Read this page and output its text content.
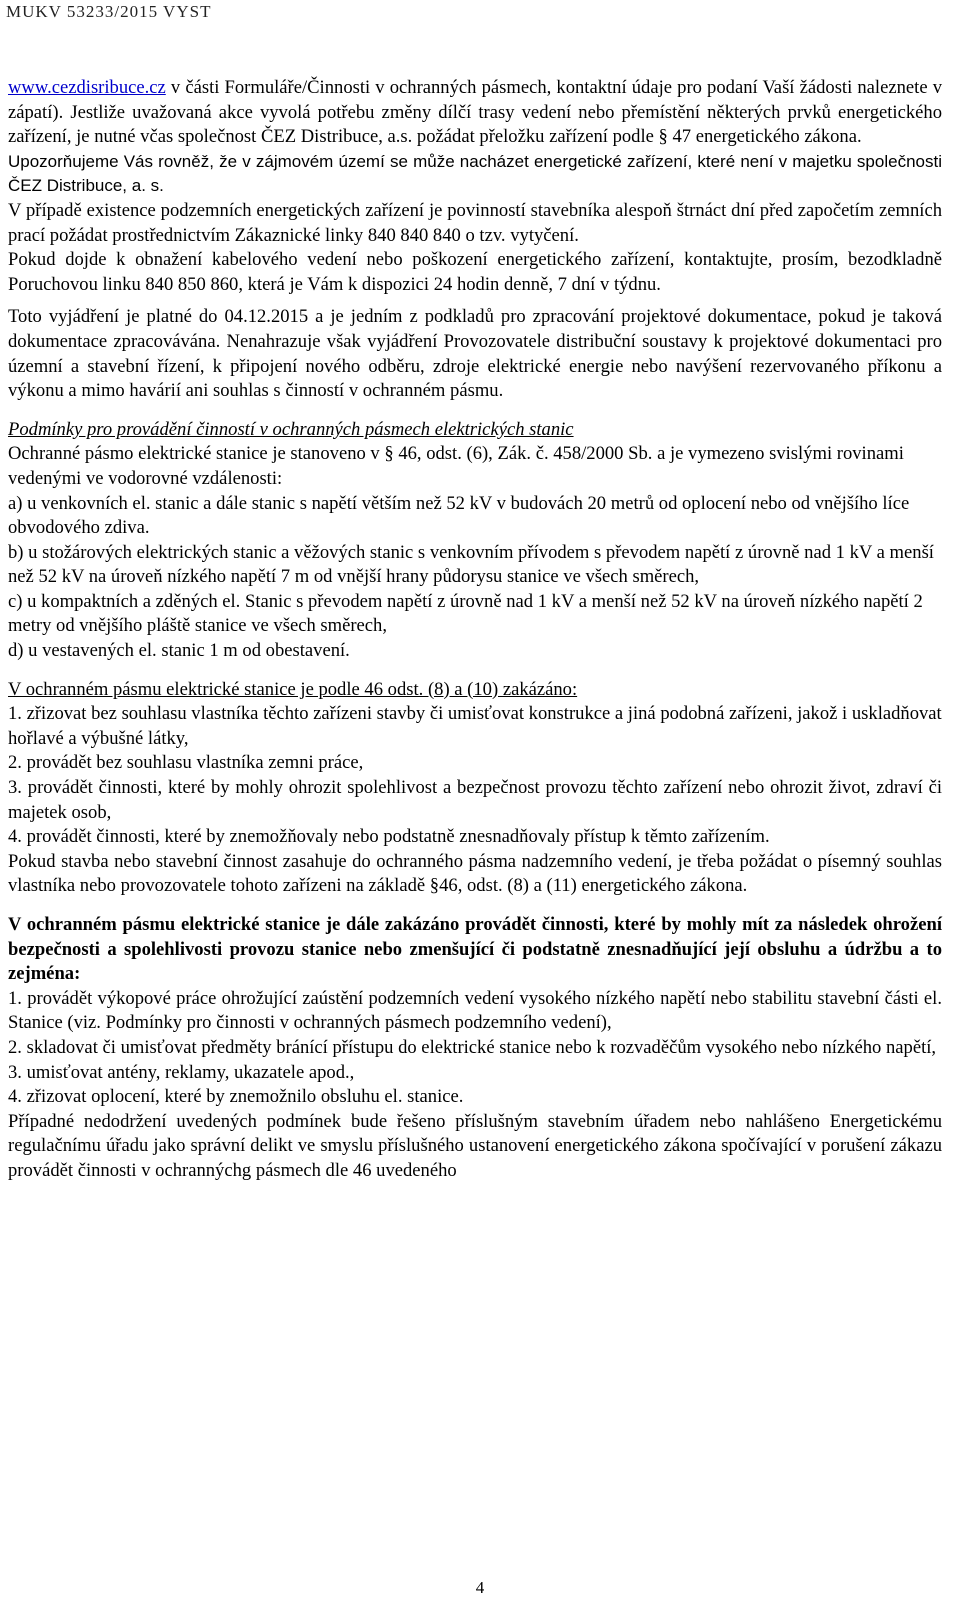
MUKV 53233/2015 VYST

www.cezdisribuce.cz v části Formuláře/Činnosti v ochranných pásmech, kontaktní údaje pro podaní Vaší žádosti naleznete v zápatí). Jestliže uvažovaná akce vyvolá potřebu změny dílčí trasy vedení nebo přemístění některých prvků energetického zařízení, je nutné včas společnost ČEZ Distribuce, a.s. požádat přeložku zařízení podle § 47 energetického zákona.

Upozorňujeme Vás rovněž, že v zájmovém území se může nacházet energetické zařízení, které není v majetku společnosti ČEZ Distribuce, a. s.

V případě existence podzemních energetických zařízení je povinností stavebníka alespoň štrnáct dní před započetím zemních prací požádat prostřednictvím Zákaznické linky 840 840 840 o tzv. vytyčení.

Pokud dojde k obnažení kabelového vedení nebo poškození energetického zařízení, kontaktujte, prosím, bezodkladně Poruchovou linku 840 850 860, která je Vám k dispozici 24 hodin denně, 7 dní v týdnu.

Toto vyjádření je platné do 04.12.2015 a je jedním z podkladů pro zpracování projektové dokumentace, pokud je taková dokumentace zpracovávána. Nenahrazuje však vyjádření Provozovatele distribuční soustavy k projektové dokumentaci pro územní a stavební řízení, k připojení nového odběru, zdroje elektrické energie nebo navýšení rezervovaného příkonu a výkonu a mimo havárií ani souhlas s činností v ochranném pásmu.

Podmínky pro provádění činností v ochranných pásmech elektrických stanic

Ochranné pásmo elektrické stanice je stanoveno v § 46, odst. (6), Zák. č. 458/2000 Sb. a je vymezeno svislými rovinami vedenými ve vodorovné vzdálenosti:

a) u venkovních el. stanic a dále stanic s napětí větším než 52 kV v budovách 20 metrů od oplocení nebo od vnějšího líce obvodového zdiva.

b) u stožárových elektrických stanic a věžových stanic s venkovním přívodem s převodem napětí z úrovně nad 1 kV a menší než 52 kV na úroveň nízkého napětí 7 m od vnější hrany půdorysu stanice ve všech směrech,

c) u kompaktních a zděných el. Stanic s převodem napětí z úrovně nad 1 kV a menší než 52 kV na úroveň nízkého napětí 2 metry od vnějšího pláště stanice ve všech směrech,

d) u vestavených el. stanic 1 m od obestavení.

V ochranném pásmu elektrické stanice je podle 46 odst. (8) a (10) zakázáno:

1. zřizovat bez souhlasu vlastníka těchto zařízeni stavby či umisťovat konstrukce a jiná podobná zařízeni, jakož i uskladňovat hořlavé a výbušné látky,

2. provádět bez souhlasu vlastníka zemni práce,

3. provádět činnosti, které by mohly ohrozit spolehlivost a bezpečnost provozu těchto zařízení nebo ohrozit život, zdraví či majetek osob,

4. provádět činnosti, které by znemožňovaly nebo podstatně znesnadňovaly přístup k těmto zařízením.

Pokud stavba nebo stavební činnost zasahuje do ochranného pásma nadzemního vedení, je třeba požádat o písemný souhlas vlastníka nebo provozovatele tohoto zařízeni na základě §46, odst. (8) a (11) energetického zákona.

V ochranném pásmu elektrické stanice je dále zakázáno provádět činnosti, které by mohly mít za následek ohrožení bezpečnosti a spolehlivosti provozu stanice nebo zmenšující či podstatně znesnadňující její obsluhu a údržbu a to zejména:

1. provádět výkopové práce ohrožující zaústění podzemních vedení vysokého nízkého napětí nebo stabilitu stavební části el. Stanice (viz. Podmínky pro činnosti v ochranných pásmech podzemního vedení),

2. skladovat či umisťovat předměty bránící přístupu do elektrické stanice nebo k rozvaděčům vysokého nebo nízkého napětí,

3. umisťovat antény, reklamy, ukazatele apod.,

4. zřizovat oplocení, které by znemožnilo obsluhu el. stanice.

Případné nedodržení uvedených podmínek bude řešeno příslušným stavebním úřadem nebo nahlášeno Energetickému regulačnímu úřadu jako správní delikt ve smyslu příslušného ustanovení energetického zákona spočívající v porušení zákazu provádět činnosti v ochrannýchg pásmech dle 46 uvedeného

4
